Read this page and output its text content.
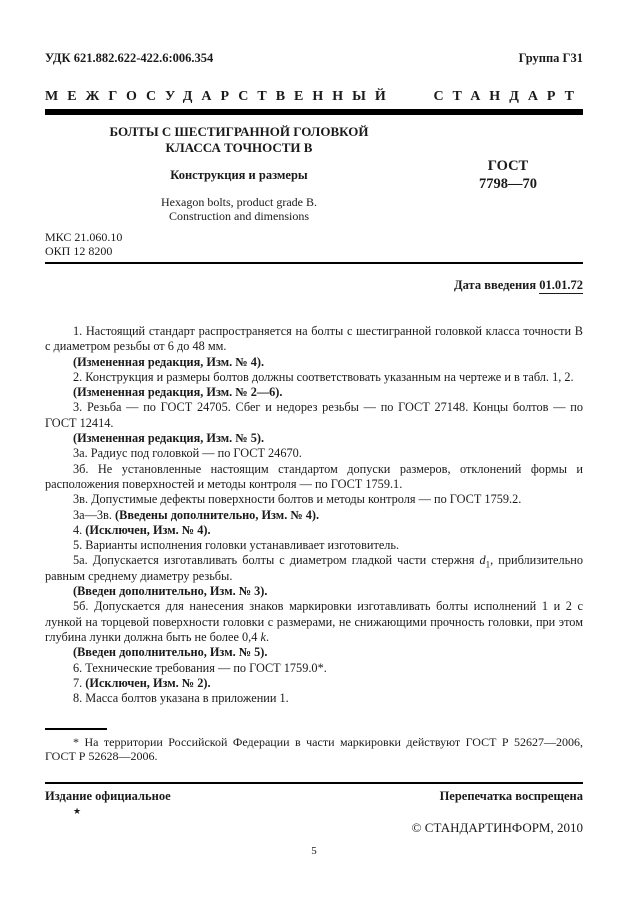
УДК 621.882.622-422.6:006.354	Группа Г31
МЕЖГОСУДАРСТВЕННЫЙ	СТАНДАРТ
БОЛТЫ С ШЕСТИГРАННОЙ ГОЛОВКОЙ
КЛАССА ТОЧНОСТИ В
Конструкция и размеры
Hexagon bolts, product grade B.
Construction and dimensions
ГОСТ
7798—70
МКС 21.060.10
ОКП 12 8200
Дата введения 01.01.72

1. Настоящий стандарт распространяется на болты с шестигранной головкой класса точности В с диаметром резьбы от 6 до 48 мм.

(Измененная редакция, Изм. № 4).

2. Конструкция и размеры болтов должны соответствовать указанным на чертеже и в табл. 1, 2.

(Измененная редакция, Изм. № 2—6).

3. Резьба — по ГОСТ 24705. Сбег и недорез резьбы — по ГОСТ 27148. Концы болтов — по ГОСТ 12414.

(Измененная редакция, Изм. № 5).

3а. Радиус под головкой — по ГОСТ 24670.

3б. Не установленные настоящим стандартом допуски размеров, отклонений формы и расположения поверхностей и методы контроля — по ГОСТ 1759.1.

3в. Допустимые дефекты поверхности болтов и методы контроля — по ГОСТ 1759.2.

3а—3в. (Введены дополнительно, Изм. № 4).

4. (Исключен, Изм. № 4).

5. Варианты исполнения головки устанавливает изготовитель.

5а. Допускается изготавливать болты с диаметром гладкой части стержня $d_1$, приблизительно равным среднему диаметру резьбы.

(Введен дополнительно, Изм. № 3).

5б. Допускается для нанесения знаков маркировки изготавливать болты исполнений 1 и 2 с лункой на торцевой поверхности головки с размерами, не снижающими прочность головки, при этом глубина лунки должна быть не более 0,4 k.

(Введен дополнительно, Изм. № 5).

6. Технические требования — по ГОСТ 1759.0*.

7. (Исключен, Изм. № 2).

8. Масса болтов указана в приложении 1.

* На территории Российской Федерации в части маркировки действуют ГОСТ Р 52627—2006, ГОСТ Р 52628—2006.

Издание официальное	Перепечатка воспрещена
★
© СТАНДАРТИНФОРМ, 2010
5
